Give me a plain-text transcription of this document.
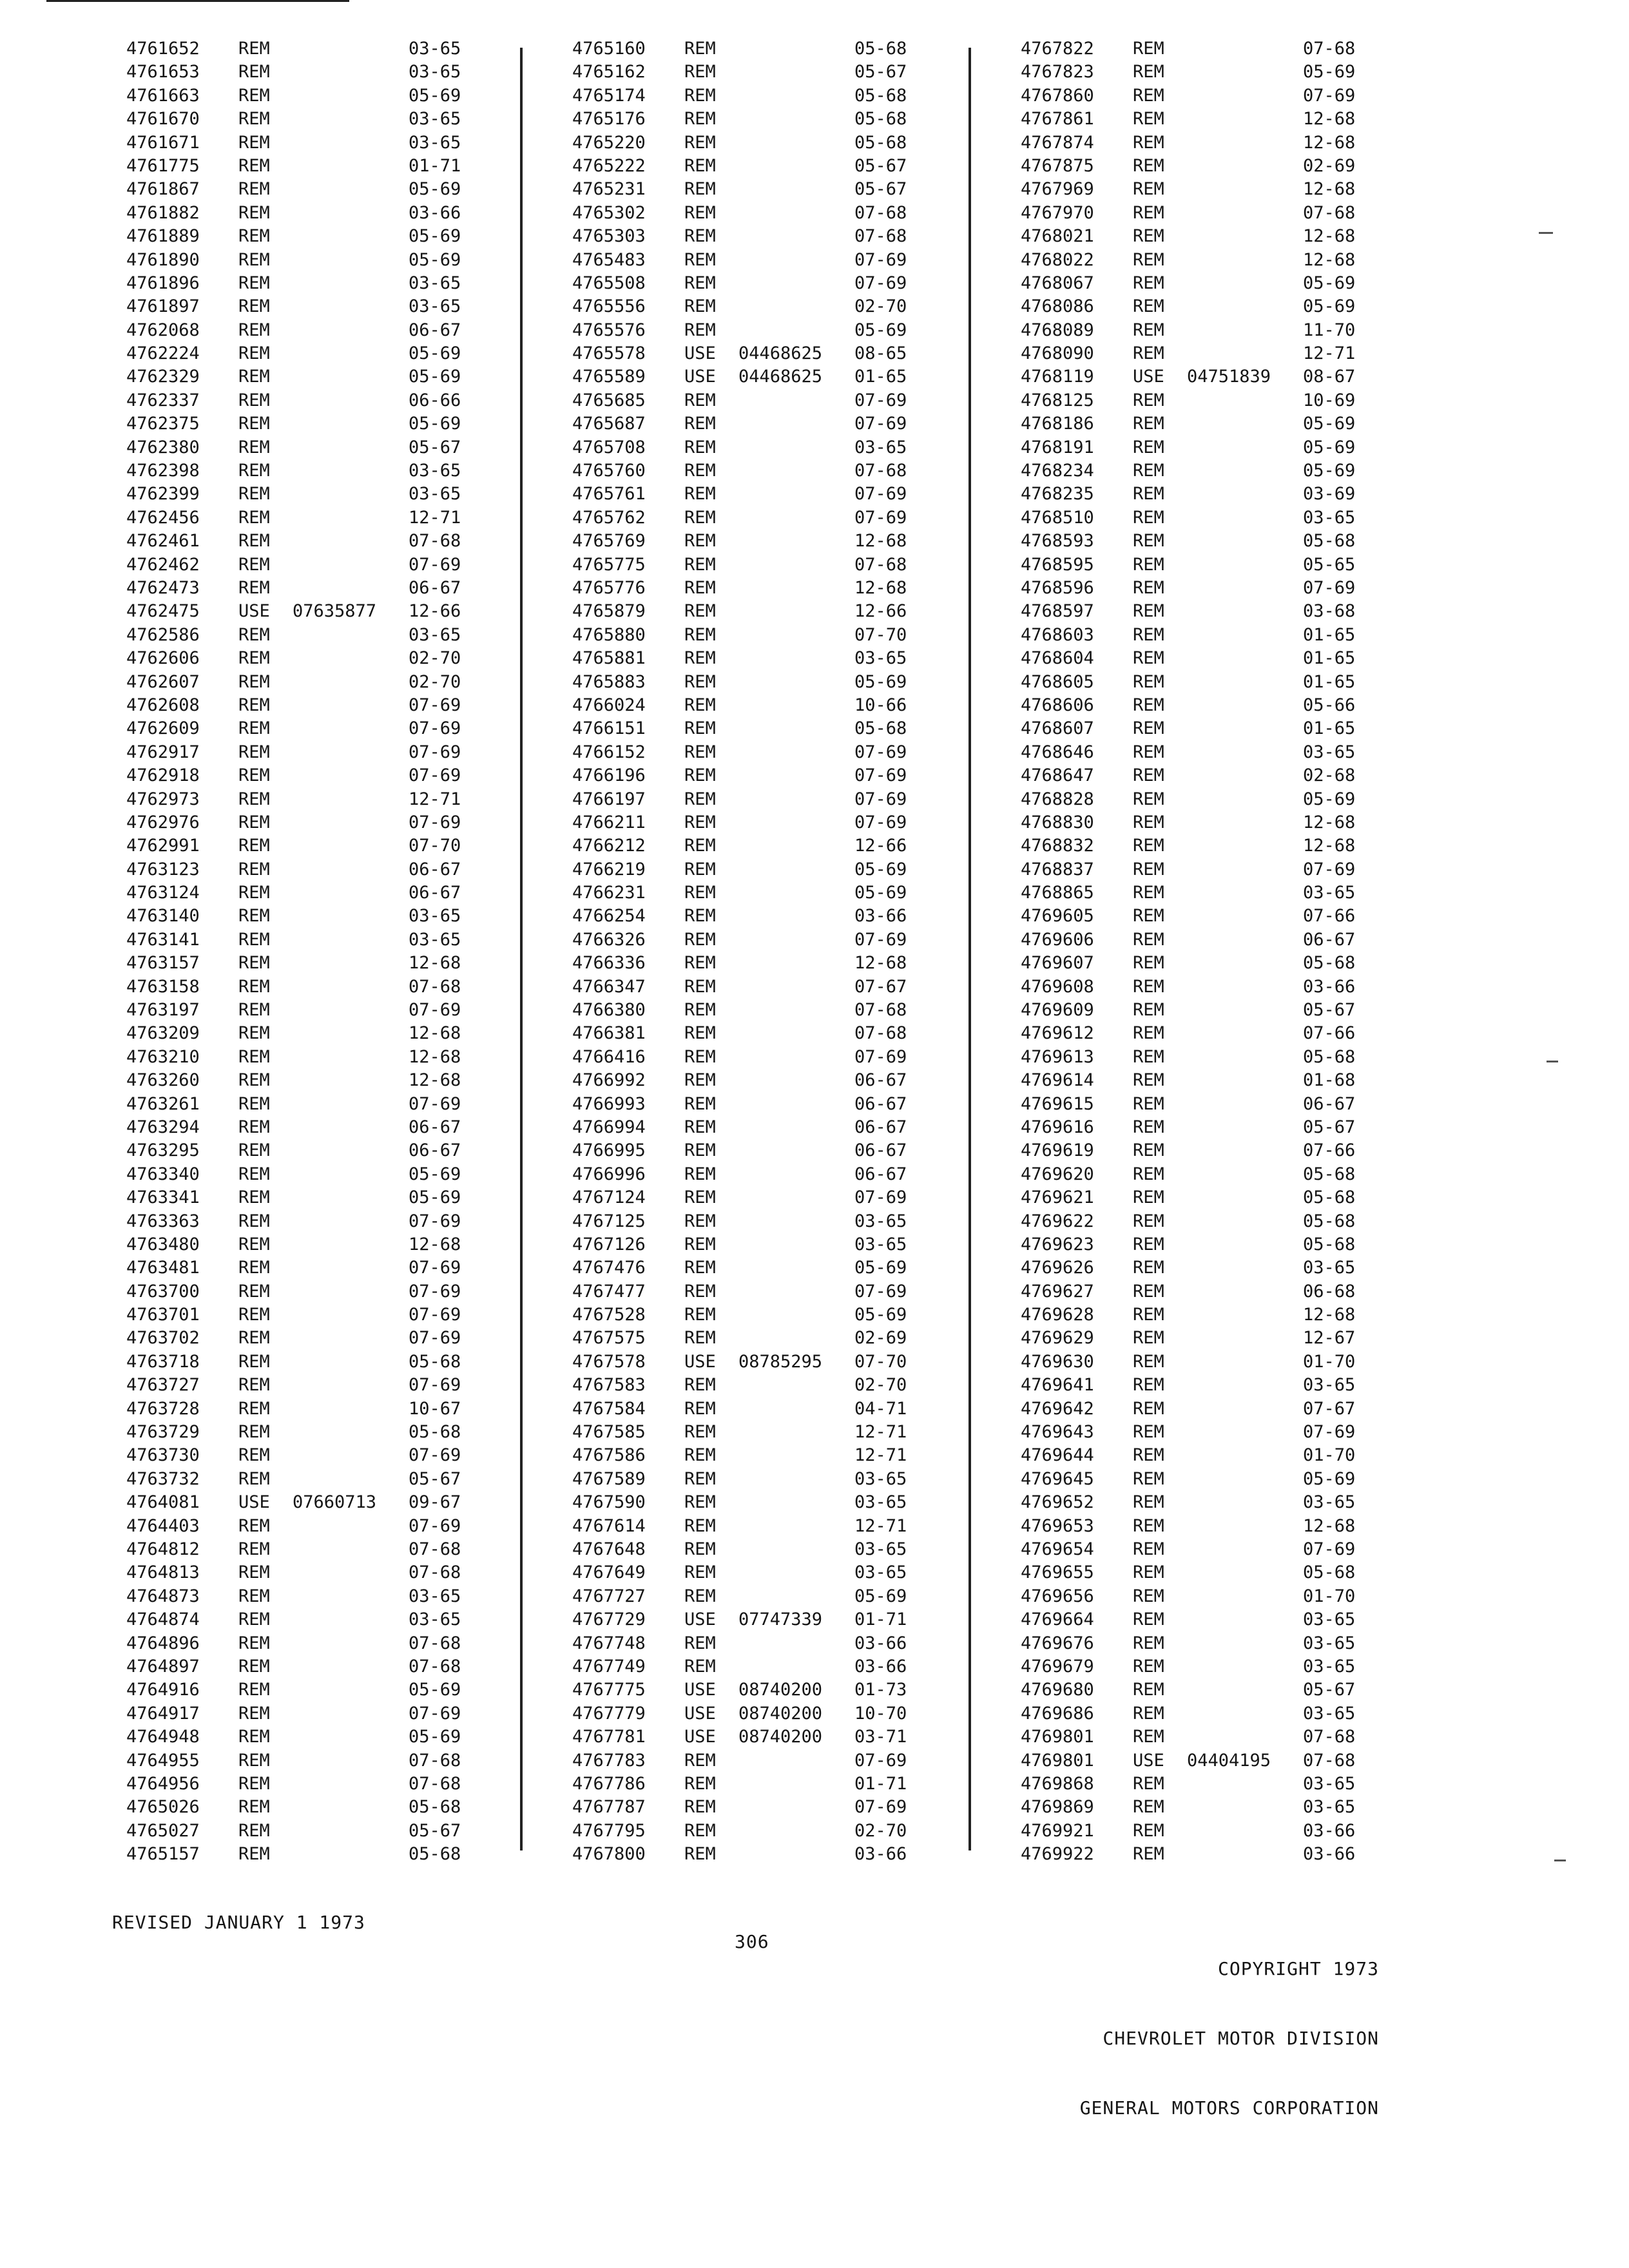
4761652 REM	03-65
4761653 REM	03-65
4761663 REM	05-69
4761670 REM	03-65
4761671 REM	03-65
4761775 REM	01-71
4761867 REM	05-69
4761882 REM	03-66
4761889 REM	05-69
4761890 REM	05-69
4761896 REM	03-65
4761897 REM	03-65
4762068 REM	06-67
4762224 REM	05-69
4762329 REM	05-69
4762337 REM	06-66
4762375 REM	05-69
4762380 REM	05-67
4762398 REM	03-65
4762399 REM	03-65
4762456 REM	12-71
4762461 REM	07-68
4762462 REM	07-69
4762473 REM	06-67
4762475 USE 07635877 12-66
4762586 REM	03-65
4762606 REM	02-70
4762607 REM	02-70
4762608 REM	07-69
4762609 REM	07-69
4762917 REM	07-69
4762918 REM	07-69
4762973 REM	12-71
4762976 REM	07-69
4762991 REM	07-70
4763123 REM	06-67
4763124 REM	06-67
4763140 REM	03-65
4763141 REM	03-65
4763157 REM	12-68
4763158 REM	07-68
4763197 REM	07-69
4763209 REM	12-68
4763210 REM	12-68
4763260 REM	12-68
4763261 REM	07-69
4763294 REM	06-67
4763295 REM	06-67
4763340 REM	05-69
4763341 REM	05-69
4763363 REM	07-69
4763480 REM	12-68
4763481 REM	07-69
4763700 REM	07-69
4763701 REM	07-69
4763702 REM	07-69
4763718 REM	05-68
4763727 REM	07-69
4763728 REM	10-67
4763729 REM	05-68
4763730 REM	07-69
4763732 REM	05-67
4764081 USE 07660713 09-67
4764403 REM	07-69
4764812 REM	07-68
4764813 REM	07-68
4764873 REM	03-65
4764874 REM	03-65
4764896 REM	07-68
4764897 REM	07-68
4764916 REM	05-69
4764917 REM	07-69
4764948 REM	05-69
4764955 REM	07-68
4764956 REM	07-68
4765026 REM	05-68
4765027 REM	05-67
4765157 REM	05-68
4765160 REM	05-68
4765162 REM	05-67
4765174 REM	05-68
4765176 REM	05-68
4765220 REM	05-68
4765222 REM	05-67
4765231 REM	05-67
4765302 REM	07-68
4765303 REM	07-68
4765483 REM	07-69
4765508 REM	07-69
4765556 REM	02-70
4765576 REM	05-69
4765578 USE 04468625 08-65
4765589 USE 04468625 01-65
4765685 REM	07-69
4765687 REM	07-69
4765708 REM	03-65
4765760 REM	07-68
4765761 REM	07-69
4765762 REM	07-69
4765769 REM	12-68
4765775 REM	07-68
4765776 REM	12-68
4765879 REM	12-66
4765880 REM	07-70
4765881 REM	03-65
4765883 REM	05-69
4766024 REM	10-66
4766151 REM	05-68
4766152 REM	07-69
4766196 REM	07-69
4766197 REM	07-69
4766211 REM	07-69
4766212 REM	12-66
4766219 REM	05-69
4766231 REM	05-69
4766254 REM	03-66
4766326 REM	07-69
4766336 REM	12-68
4766347 REM	07-67
4766380 REM	07-68
4766381 REM	07-68
4766416 REM	07-69
4766992 REM	06-67
4766993 REM	06-67
4766994 REM	06-67
4766995 REM	06-67
4766996 REM	06-67
4767124 REM	07-69
4767125 REM	03-65
4767126 REM	03-65
4767476 REM	05-69
4767477 REM	07-69
4767528 REM	05-69
4767575 REM	02-69
4767578 USE 08785295 07-70
4767583 REM	02-70
4767584 REM	04-71
4767585 REM	12-71
4767586 REM	12-71
4767589 REM	03-65
4767590 REM	03-65
4767614 REM	12-71
4767648 REM	03-65
4767649 REM	03-65
4767727 REM	05-69
4767729 USE 07747339 01-71
4767748 REM	03-66
4767749 REM	03-66
4767775 USE 08740200 01-73
4767779 USE 08740200 10-70
4767781 USE 08740200 03-71
4767783 REM	07-69
4767786 REM	01-71
4767787 REM	07-69
4767795 REM	02-70
4767800 REM	03-66
4767822 REM	07-68
4767823 REM	05-69
4767860 REM	07-69
4767861 REM	12-68
4767874 REM	12-68
4767875 REM	02-69
4767969 REM	12-68
4767970 REM	07-68
4768021 REM	12-68
4768022 REM	12-68
4768067 REM	05-69
4768086 REM	05-69
4768089 REM	11-70
4768090 REM	12-71
4768119 USE 04751839 08-67
4768125 REM	10-69
4768186 REM	05-69
4768191 REM	05-69
4768234 REM	05-69
4768235 REM	03-69
4768510 REM	03-65
4768593 REM	05-68
4768595 REM	05-65
4768596 REM	07-69
4768597 REM	03-68
4768603 REM	01-65
4768604 REM	01-65
4768605 REM	01-65
4768606 REM	05-66
4768607 REM	01-65
4768646 REM	03-65
4768647 REM	02-68
4768828 REM	05-69
4768830 REM	12-68
4768832 REM	12-68
4768837 REM	07-69
4768865 REM	03-65
4769605 REM	07-66
4769606 REM	06-67
4769607 REM	05-68
4769608 REM	03-66
4769609 REM	05-67
4769612 REM	07-66
4769613 REM	05-68
4769614 REM	01-68
4769615 REM	06-67
4769616 REM	05-67
4769619 REM	07-66
4769620 REM	05-68
4769621 REM	05-68
4769622 REM	05-68
4769623 REM	05-68
4769626 REM	03-65
4769627 REM	06-68
4769628 REM	12-68
4769629 REM	12-67
4769630 REM	01-70
4769641 REM	03-65
4769642 REM	07-67
4769643 REM	07-69
4769644 REM	01-70
4769645 REM	05-69
4769652 REM	03-65
4769653 REM	12-68
4769654 REM	07-69
4769655 REM	05-68
4769656 REM	01-70
4769664 REM	03-65
4769676 REM	03-65
4769679 REM	03-65
4769680 REM	05-67
4769686 REM	03-65
4769801 REM	07-68
4769801 USE 04404195 07-68
4769868 REM	03-65
4769869 REM	03-65
4769921 REM	03-66
4769922 REM	03-66
REVISED JANUARY 1 1973
306

COPYRIGHT 1973

CHEVROLET MOTOR DIVISION

GENERAL MOTORS CORPORATION
